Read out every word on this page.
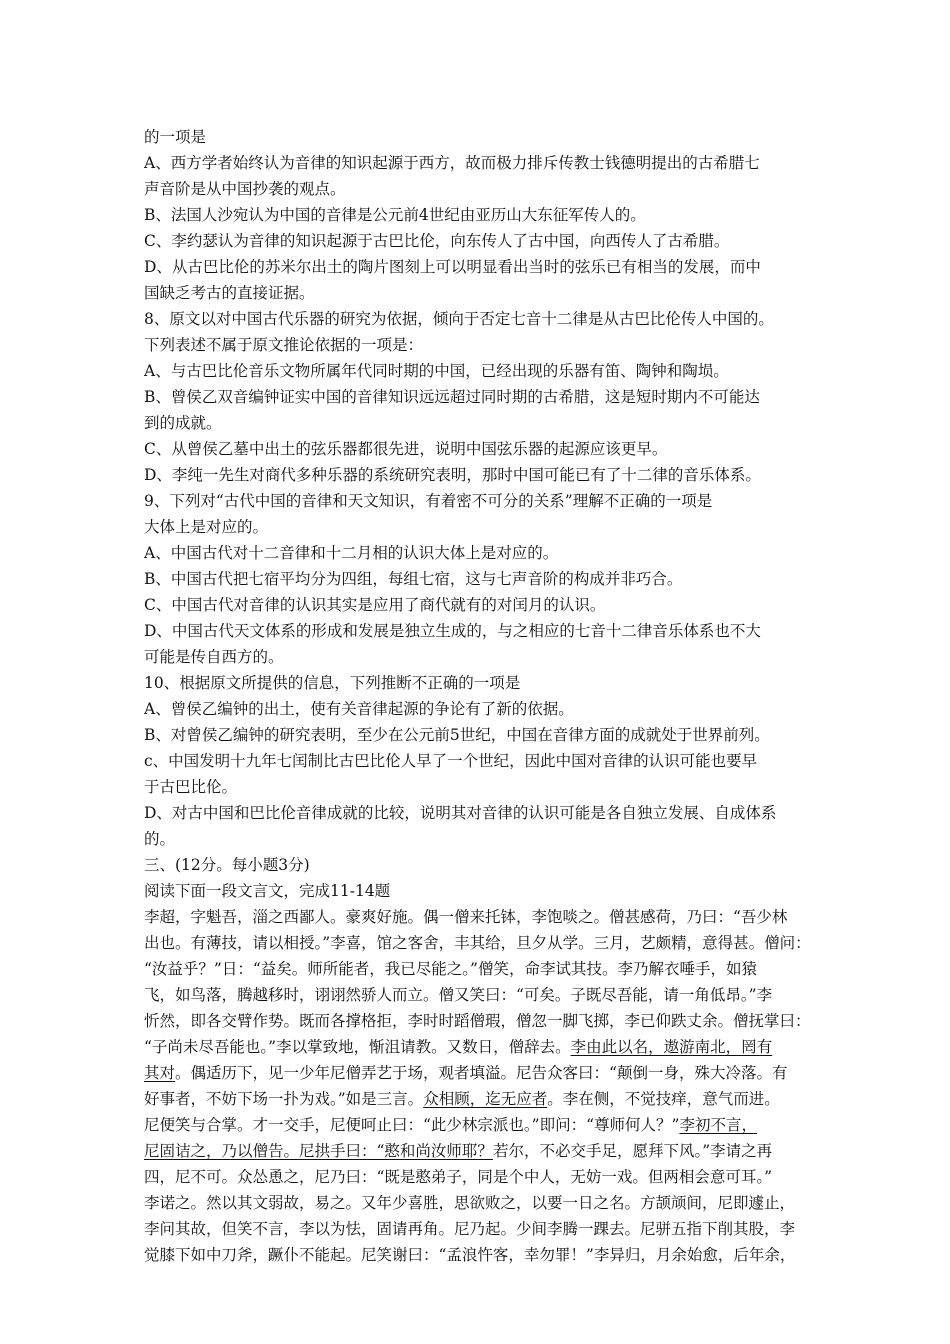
的一项是
A、西方学者始终认为音律的知识起源于西方，故而极力排斥传教士钱德明提出的古希腊七
声音阶是从中国抄袭的观点。
B、法国人沙宛认为中国的音律是公元前4世纪由亚历山大东征军传人的。
C、李约瑟认为音律的知识起源于古巴比伦，向东传人了古中国，向西传人了古希腊。
D、从古巴比伦的苏米尔出土的陶片图刻上可以明显看出当时的弦乐已有相当的发展，而中
国缺乏考古的直接证据。
8、原文以对中国古代乐器的研究为依据，倾向于否定七音十二律是从古巴比伦传人中国的。
下列表述不属于原文推论依据的一项是：
A、与古巴比伦音乐文物所属年代同时期的中国，已经出现的乐器有笛、陶钟和陶埙。
B、曾侯乙双音编钟证实中国的音律知识远远超过同时期的古希腊，这是短时期内不可能达
到的成就。
C、从曾侯乙墓中出土的弦乐器都很先进，说明中国弦乐器的起源应该更早。
D、李纯一先生对商代多种乐器的系统研究表明，那时中国可能已有了十二律的音乐体系。
9、下列对“古代中国的音律和天文知识，有着密不可分的关系”理解不正确的一项是
大体上是对应的。
A、中国古代对十二音律和十二月相的认识大体上是对应的。
B、中国古代把七宿平均分为四组，每组七宿，这与七声音阶的构成并非巧合。
C、中国古代对音律的认识其实是应用了商代就有的对闰月的认识。
D、中国古代天文体系的形成和发展是独立生成的，与之相应的七音十二律音乐体系也不大
可能是传自西方的。
10、根据原文所提供的信息，下列推断不正确的一项是
A、曾侯乙编钟的出土，使有关音律起源的争论有了新的依据。
B、对曾侯乙编钟的研究表明，至少在公元前5世纪，中国在音律方面的成就处于世界前列。
c、中国发明十九年七闰制比古巴比伦人早了一个世纪，因此中国对音律的认识可能也要早
于古巴比伦。
D、对古中国和巴比伦音律成就的比较，说明其对音律的认识可能是各自独立发展、自成体系
的。
三、(12分。每小题3分)
阅读下面一段文言文，完成11-14题
李超，字魁吾，淄之西鄙人。豪爽好施。偶一僧来托钵，李饱啖之。僧甚感荷，乃曰：“吾少林
出也。有薄技，请以相授。”李喜，馆之客舍，丰其给，旦夕从学。三月，艺颇精，意得甚。僧问：
“汝益乎？”日：“益矣。师所能者，我已尽能之。”僧笑，命李试其技。李乃解衣唾手，如猿
飞，如鸟落，腾越移时，诩诩然骄人而立。僧又笑曰：“可矣。子既尽吾能，请一角低昂。”李
忻然，即各交臂作势。既而各撑格拒，李时时蹈僧瑕，僧忽一脚飞掷，李已仰跌丈余。僧抚掌曰：
“子尚未尽吾能也。”李以掌致地，惭沮请教。又数日，僧辞去。李由此以名，遨游南北，罔有
其对。偶适历下，见一少年尼僧弄艺于场，观者填溢。尼告众客曰：“颠倒一身，殊大冷落。有
好事者，不妨下场一扑为戏。”如是三言。众相顾，迄无应者。李在侧，不觉技痒，意气而进。
尼便笑与合掌。才一交手，尼便呵止曰：“此少林宗派也。”即问：“尊师何人？”李初不言，
尼固诘之，乃以僧告。尼拱手曰：“憨和尚汝师耶？若尔，不必交手足，愿拜下风。”李请之再
四，尼不可。众怂恿之，尼乃曰：“既是憨弟子，同是个中人，无妨一戏。但两相会意可耳。”
李诺之。然以其文弱故，易之。又年少喜胜，思欲败之，以要一日之名。方颉颃间，尼即遽止，
李问其故，但笑不言，李以为怯，固请再角。尼乃起。少间李腾一踝去。尼骈五指下削其股，李
觉膝下如中刀斧，蹶仆不能起。尼笑谢曰：“孟浪忤客，幸勿罪！”李异归，月余始愈，后年余，
